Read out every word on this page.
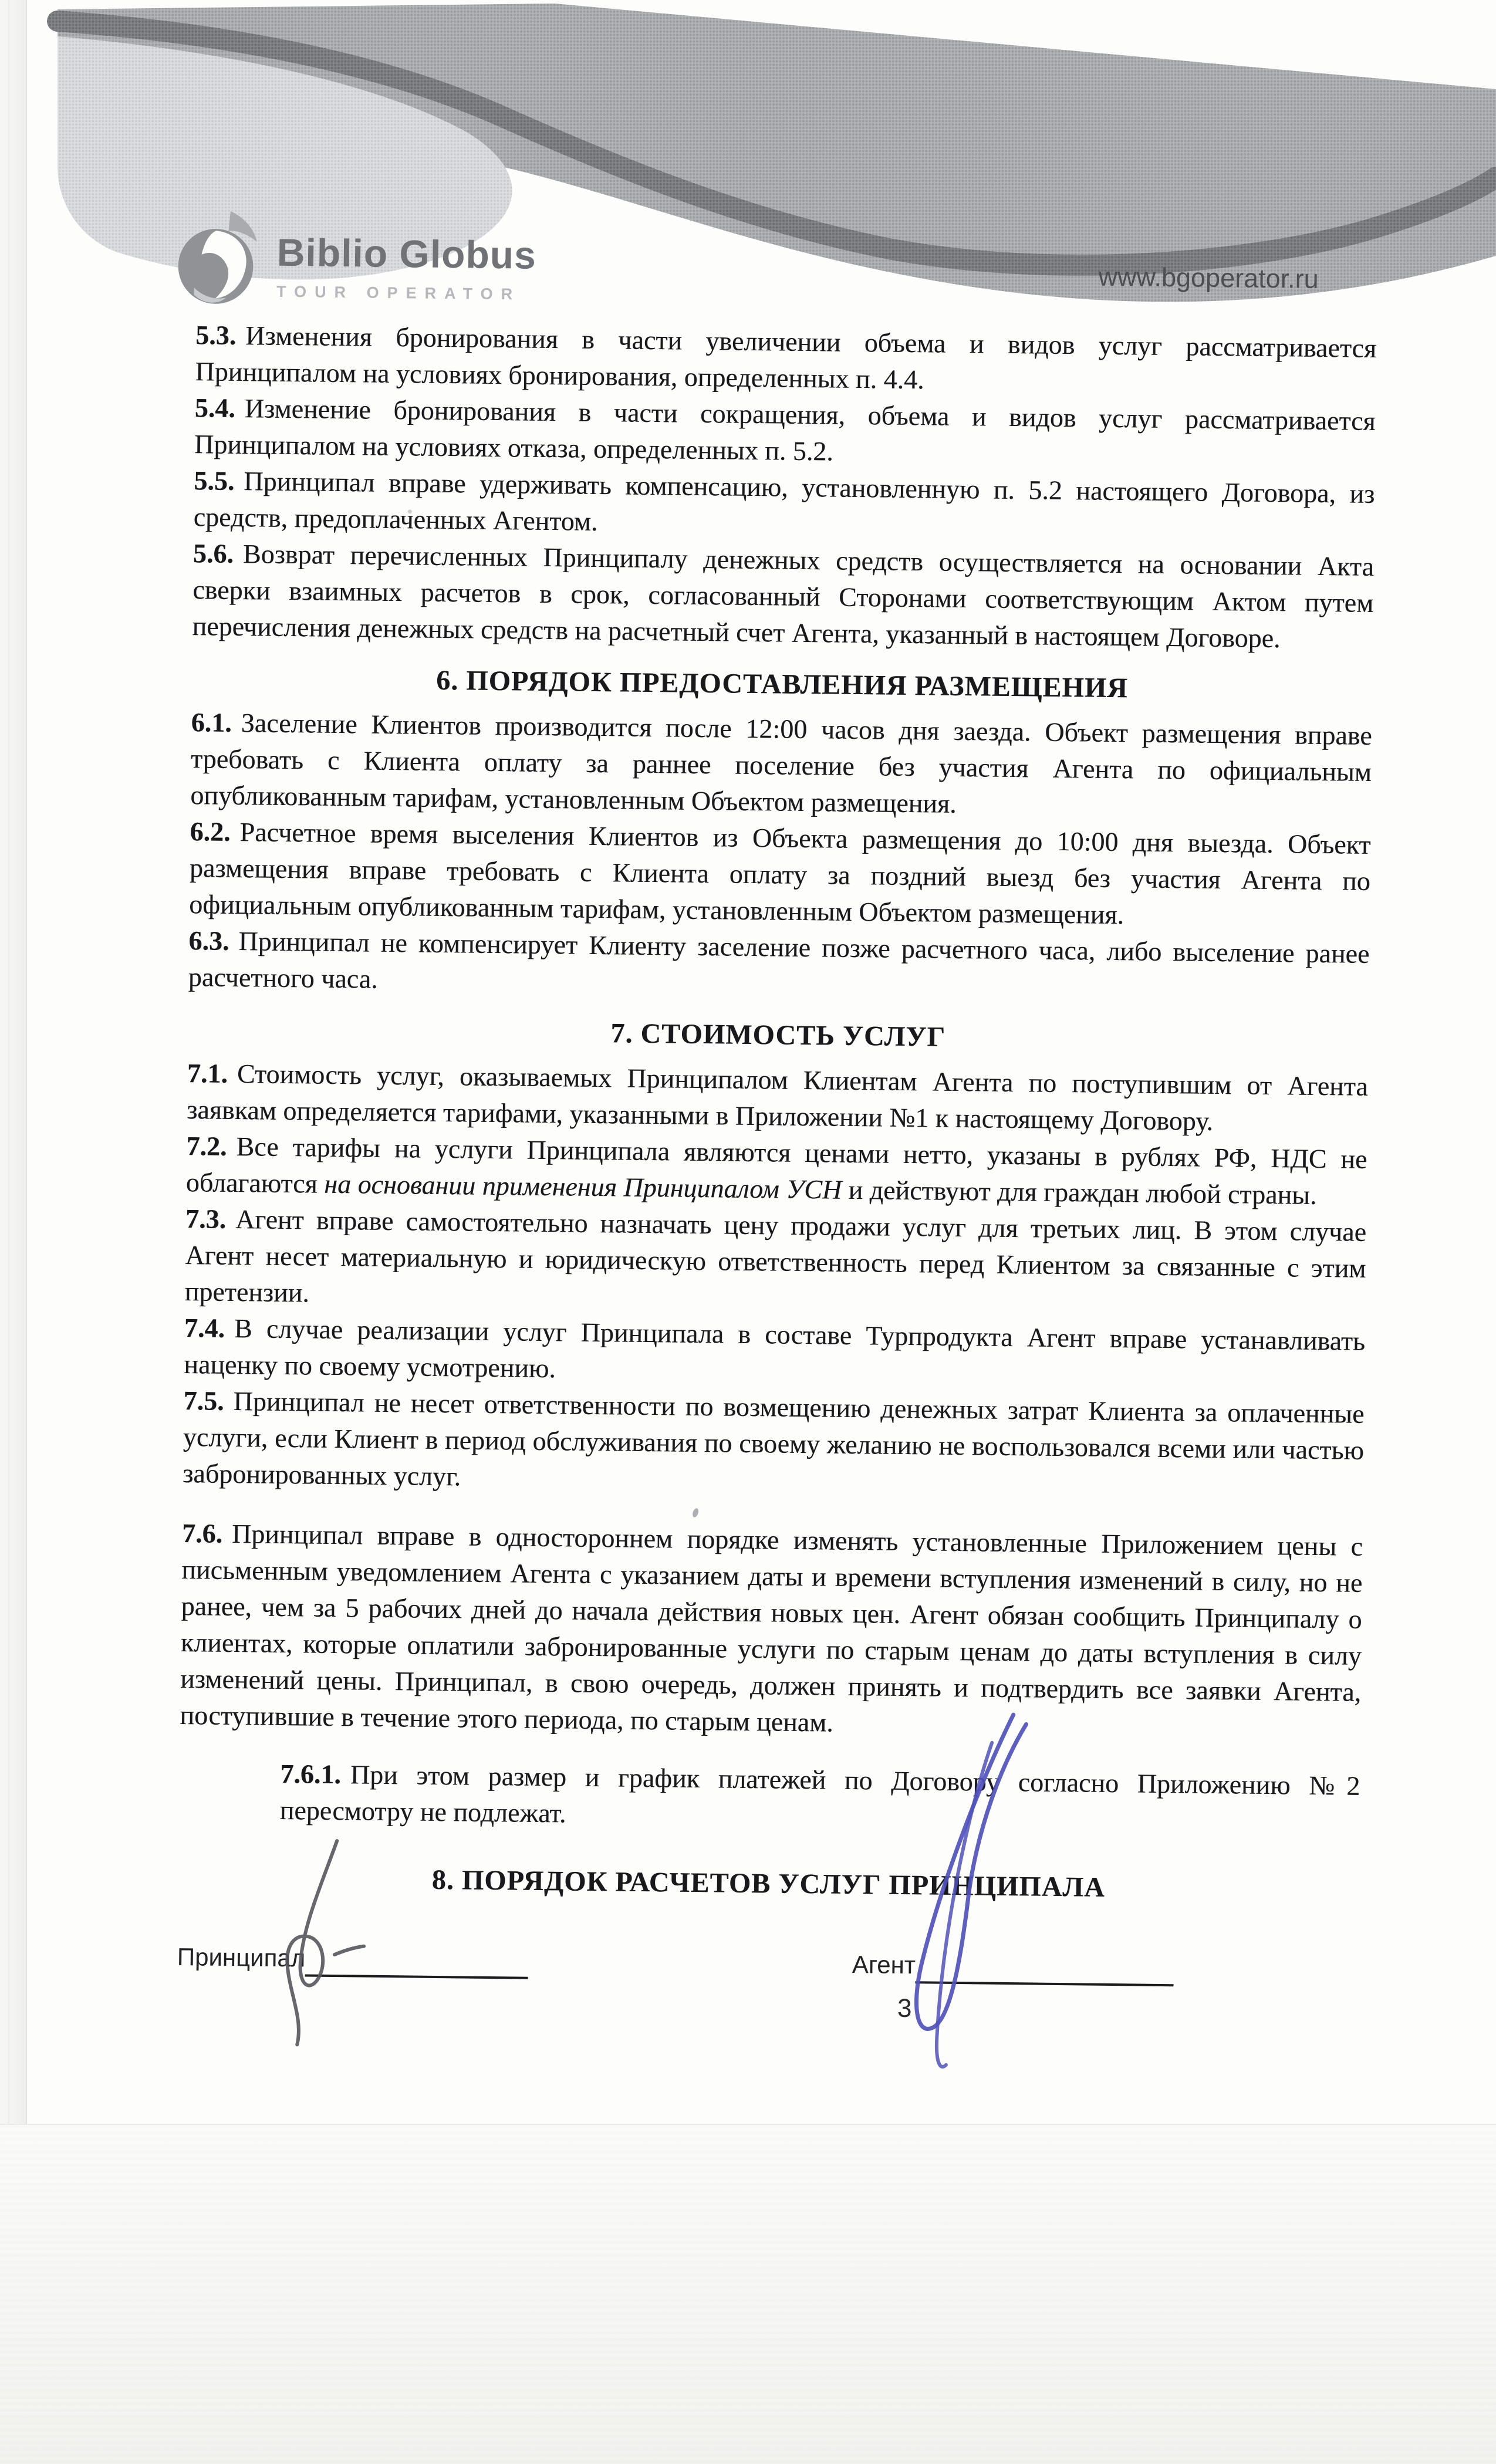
Biblio Globus
TOUR OPERATOR	www.bgoperator.ru

5.3. Изменения бронирования в части увеличении объема и видов услуг рассматривается Принципалом на условиях бронирования, определенных п. 4.4.

5.4. Изменение бронирования в части сокращения, объема и видов услуг рассматривается Принципалом на условиях отказа, определенных п. 5.2.

5.5. Принципал вправе удерживать компенсацию, установленную п. 5.2 настоящего Договора, из средств, предоплаченных Агентом.

5.6. Возврат перечисленных Принципалу денежных средств осуществляется на основании Акта сверки взаимных расчетов в срок, согласованный Сторонами соответствующим Актом путем перечисления денежных средств на расчетный счет Агента, указанный в настоящем Договоре.

6. ПОРЯДОК ПРЕДОСТАВЛЕНИЯ РАЗМЕЩЕНИЯ

6.1. Заселение Клиентов производится после 12:00 часов дня заезда. Объект размещения вправе требовать с Клиента оплату за раннее поселение без участия Агента по официальным опубликованным тарифам, установленным Объектом размещения.

6.2. Расчетное время выселения Клиентов из Объекта размещения до 10:00 дня выезда. Объект размещения вправе требовать с Клиента оплату за поздний выезд без участия Агента по официальным опубликованным тарифам, установленным Объектом размещения.

6.3. Принципал не компенсирует Клиенту заселение позже расчетного часа, либо выселение ранее расчетного часа.

7. СТОИМОСТЬ УСЛУГ

7.1. Стоимость услуг, оказываемых Принципалом Клиентам Агента по поступившим от Агента заявкам определяется тарифами, указанными в Приложении №1 к настоящему Договору.

7.2. Все тарифы на услуги Принципала являются ценами нетто, указаны в рублях РФ, НДС не облагаются на основании применения Принципалом УСН и действуют для граждан любой страны.

7.3. Агент вправе самостоятельно назначать цену продажи услуг для третьих лиц. В этом случае Агент несет материальную и юридическую ответственность перед Клиентом за связанные с этим претензии.

7.4. В случае реализации услуг Принципала в составе Турпродукта Агент вправе устанавливать наценку по своему усмотрению.

7.5. Принципал не несет ответственности по возмещению денежных затрат Клиента за оплаченные услуги, если Клиент в период обслуживания по своему желанию не воспользовался всеми или частью забронированных услуг.

7.6. Принципал вправе в одностороннем порядке изменять установленные Приложением цены с письменным уведомлением Агента с указанием даты и времени вступления изменений в силу, но не ранее, чем за 5 рабочих дней до начала действия новых цен. Агент обязан сообщить Принципалу о клиентах, которые оплатили забронированные услуги по старым ценам до даты вступления в силу изменений цены. Принципал, в свою очередь, должен принять и подтвердить все заявки Агента, поступившие в течение этого периода, по старым ценам.

7.6.1. При этом размер и график платежей по Договору согласно Приложению №2 пересмотру не подлежат.

8. ПОРЯДОК РАСЧЕТОВ УСЛУГ ПРИНЦИПАЛА
Принципал	Агент
3
